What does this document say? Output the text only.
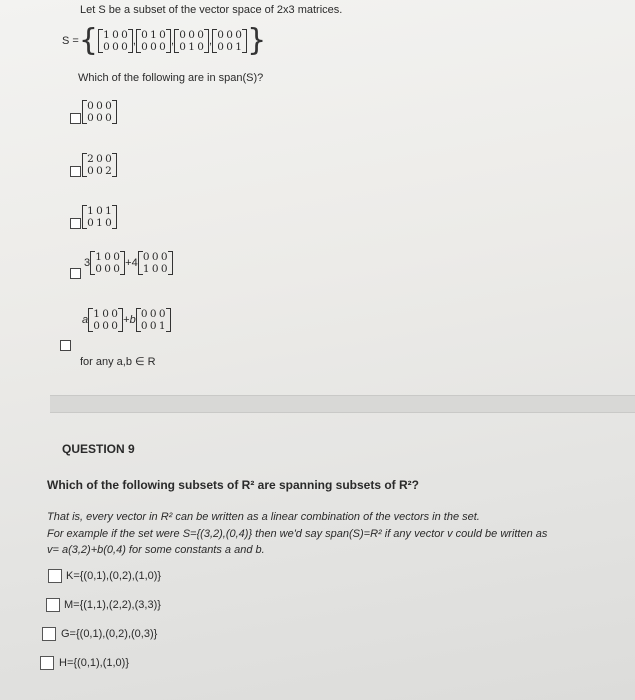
Let S be a subset of the vector space of 2x3 matrices.
S = { 1 0 0
0 0 0 , 0 1 0
0 0 0 , 0 0 0
0 1 0 , 0 0 0
0 0 1 }
Which of the following are in span(S)?
0 0 0
0 0 0
2 0 0
0 0 2
1 0 1
0 1 0
3 1 0 0
0 0 0 + 4 0 0 0
1 0 0
a 1 0 0
0 0 0 + b 0 0 0
0 0 1
for any a,b ∈ R
QUESTION 9
Which of the following subsets of R² are spanning subsets of R²?
That is, every vector in R² can be written as a linear combination of the vectors in the set.
For example if the set were S={(3,2),(0,4)} then we'd say span(S)=R² if any vector v could be written as
v= a(3,2)+b(0,4) for some constants a and b.
K={(0,1),(0,2),(1,0)}
M={(1,1),(2,2),(3,3)}
G={(0,1),(0,2),(0,3)}
H={(0,1),(1,0)}
